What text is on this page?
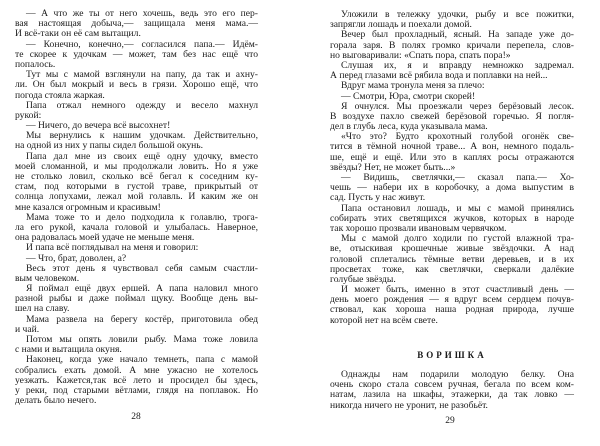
— А что же ты от него хочешь, ведь это его пер-
вая настоящая добыча,— защищала меня мама.—
И всё-таки он её сам вытащил.
— Конечно, конечно,— согласился папа.— Идём-
те скорее к удочкам — может, там без нас ещё что
попалось.
Тут мы с мамой взглянули на папу, да так и ахну-
ли. Он был мокрый и весь в грязи. Хорошо ещё, что
погода стояла жаркая.
Папа отжал немного одежду и весело махнул
рукой:
— Ничего, до вечера всё высохнет!
Мы вернулись к нашим удочкам. Действительно,
на одной из них у папы сидел большой окунь.
Папа дал мне из своих ещё одну удочку, вместо
моей сломанной, и мы продолжали ловить. Но я уже
не столько ловил, сколько всё бегал к соседним ку-
стам, под которыми в густой траве, прикрытый от
солнца лопухами, лежал мой голавль. И каким же он
мне казался огромным и красивым!
Мама тоже то и дело подходила к голавлю, трога-
ла его рукой, качала головой и улыбалась. Наверное,
она радовалась моей удаче не меньше меня.
И папа всё поглядывал на меня и говорил:
— Что, брат, доволен, а?
Весь этот день я чувствовал себя самым счастли-
вым человеком.
Я поймал ещё двух ершей. А папа наловил много
разной рыбы и даже поймал щуку. Вообще день вы-
шел на славу.
Мама развела на берегу костёр, приготовила обед
и чай.
Потом мы опять ловили рыбу. Мама тоже ловила
с нами и вытащила окуня.
Наконец, когда уже начало темнеть, папа с мамой
собрались ехать домой. А мне ужасно не хотелось
уезжать. Кажется,так всё лето и просидел бы здесь,
у реки, под старыми вётлами, глядя на поплавок. Но
делать было нечего.
28
Уложили в тележку удочки, рыбу и все пожитки,
запрягли лошадь и поехали домой.
Вечер был прохладный, ясный. На западе уже до-
горала заря. В полях громко кричали перепела, слов-
но выговаривали: «Спать пора, спать пора!»
Слушая их, я и вправду немножко задремал.
А перед глазами всё рябила вода и поплавки на ней...
Вдруг мама тронула меня за плечо:
— Смотри, Юра, смотри скорей!
Я очнулся. Мы проезжали через берёзовый лесок.
В воздухе пахло свежей берёзовой горечью. Я погля-
дел в глубь леса, куда указывала мама.
«Что это? Будто крохотный голубой огонёк све-
тится в тёмной ночной траве... А вон, немного подаль-
ше, ещё и ещё. Или это в каплях росы отражаются
звёзды? Нет, не может быть...»
— Видишь, светлячки,— сказал папа.— Хо-
чешь — набери их в коробочку, а дома выпустим в
сад. Пусть у нас живут.
Папа остановил лошадь, и мы с мамой принялись
собирать этих светящихся жучков, которых в народе
так хорошо прозвали ивановым червячком.
Мы с мамой долго ходили по густой влажной тра-
ве, отыскивая крошечные живые звёздочки. А над
головой сплетались тёмные ветви деревьев, и в их
просветах тоже, как светлячки, сверкали далёкие
голубые звёзды.
И может быть, именно в этот счастливый день —
день моего рождения — я вдруг всем сердцем почув-
ствовал, как хороша наша родная природа, лучше
которой нет на всём свете.
ВОРИШКА
Однажды нам подарили молодую белку. Она
очень скоро стала совсем ручная, бегала по всем ком-
натам, лазила на шкафы, этажерки, да так ловко —
никогда ничего не уронит, не разобьёт.
29
